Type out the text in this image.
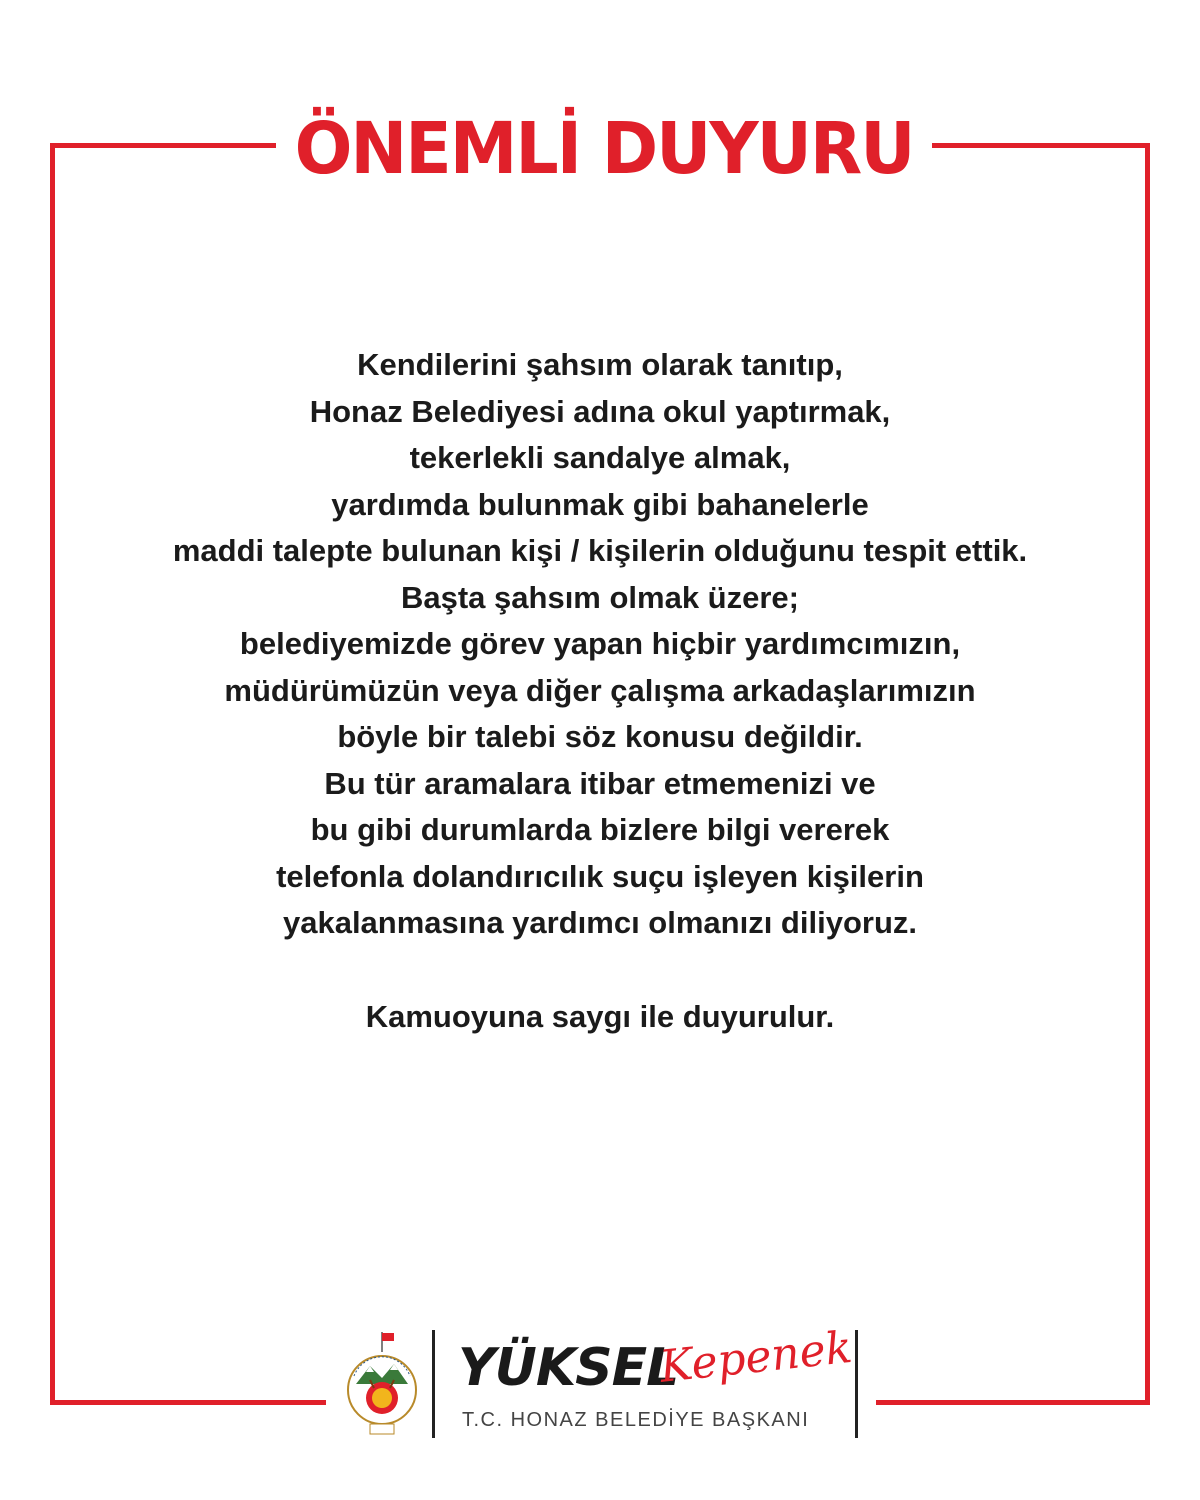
ÖNEMLİ DUYURU
Kendilerini şahsım olarak tanıtıp,
Honaz Belediyesi adına okul yaptırmak,
tekerlekli sandalye almak,
yardımda bulunmak gibi bahanelerle
maddi talepte bulunan kişi / kişilerin olduğunu tespit ettik.
Başta şahsım olmak üzere;
belediyemizde görev yapan hiçbir yardımcımızın,
müdürümüzün veya diğer çalışma arkadaşlarımızın
böyle bir talebi söz konusu değildir.
Bu tür aramalara itibar etmemenizi ve
bu gibi durumlarda bizlere bilgi vererek
telefonla dolandırıcılık suçu işleyen kişilerin
yakalanmasına yardımcı olmanızı diliyoruz.
Kamuoyuna saygı ile duyurulur.
YÜKSEL
Kepenek
T.C. HONAZ BELEDİYE BAŞKANI
